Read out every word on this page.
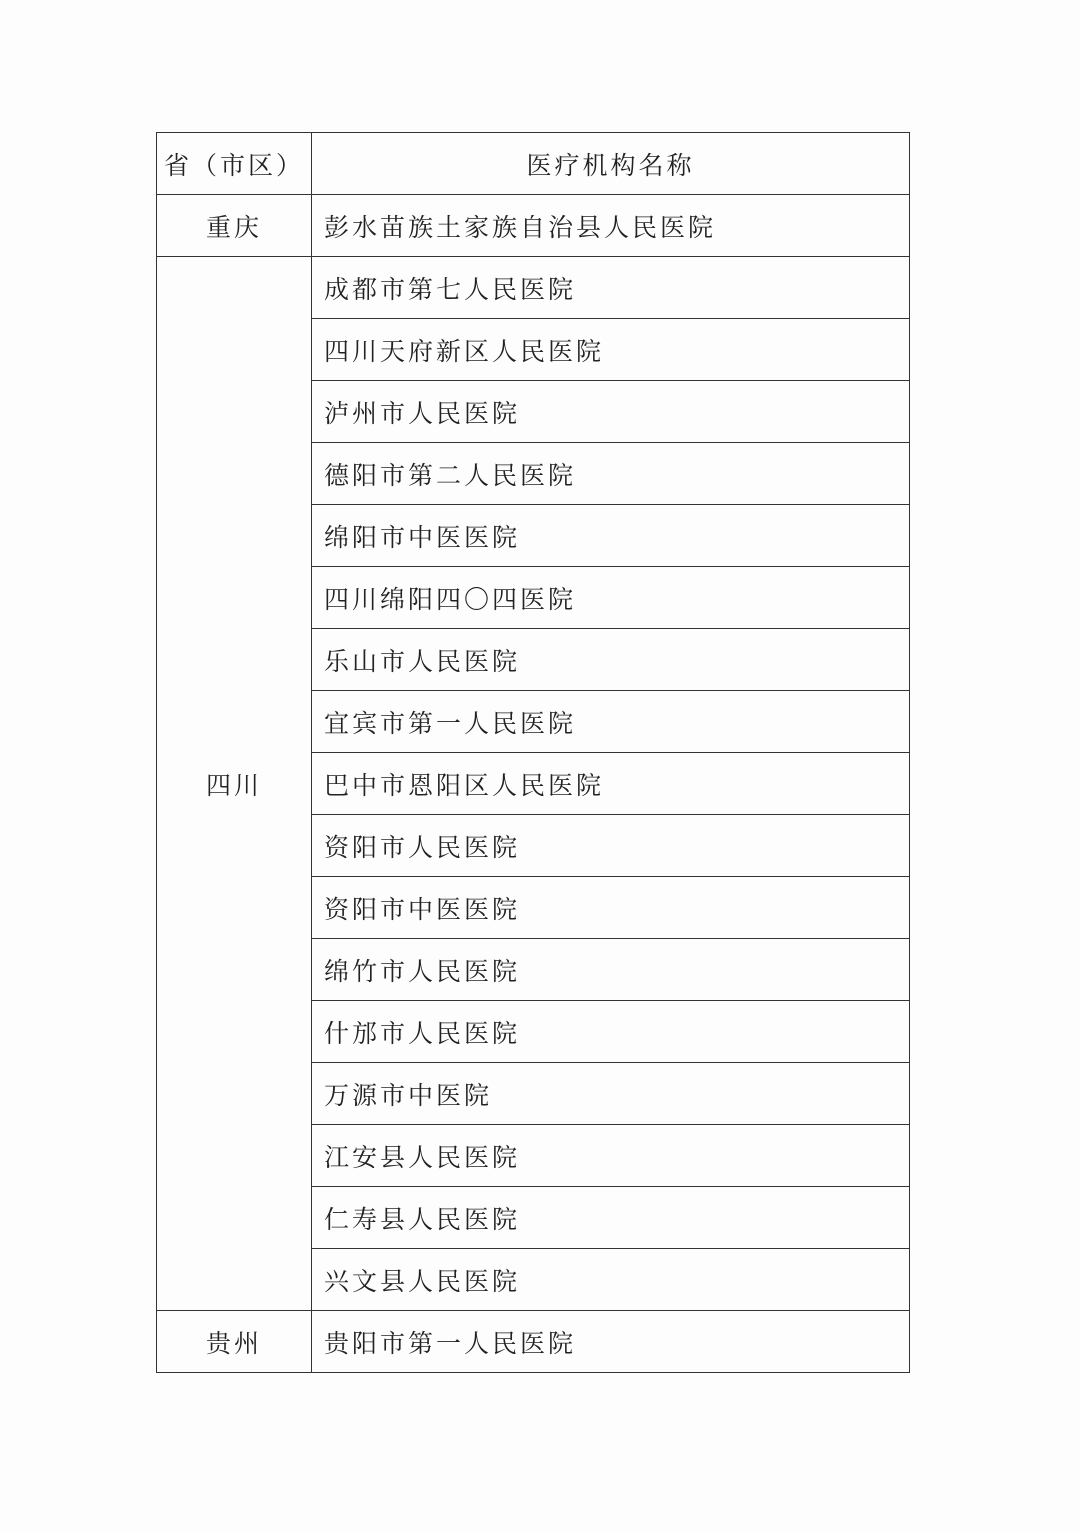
省（市区）	医疗机构名称
重庆	彭水苗族土家族自治县人民医院
四川	成都市第七人民医院
	四川天府新区人民医院
	泸州市人民医院
	德阳市第二人民医院
	绵阳市中医医院
	四川绵阳四〇四医院
	乐山市人民医院
	宜宾市第一人民医院
	巴中市恩阳区人民医院
	资阳市人民医院
	资阳市中医医院
	绵竹市人民医院
	什邡市人民医院
	万源市中医院
	江安县人民医院
	仁寿县人民医院
	兴文县人民医院
贵州	贵阳市第一人民医院
